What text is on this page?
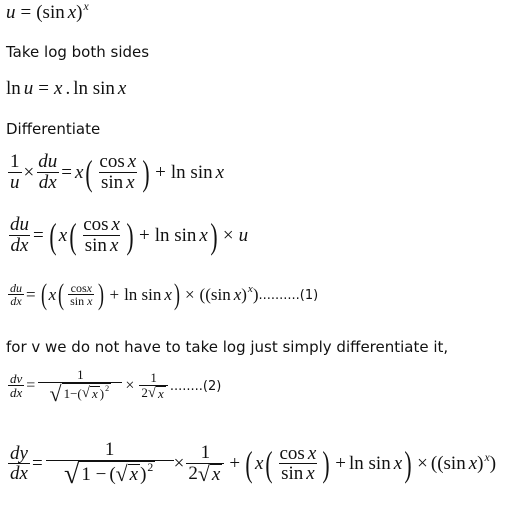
u = ( sin x ) x
Take log both sides
ln u = x . ln sin x
Differentiate
$\frac{1}{u} \times \frac{du}{dx} = x$ ( $\frac{\text{cos x}}{\text{sin x}}$ ) + ln sin x
$\frac{du}{dx}$ = ( x ( $\frac{\text{cos x}}{\text{sin x}}$ ) + ln sin x ) × u
$\frac{du}{dx}$ = ( x ( $\frac{\cos x}{\text{sin x}}$ ) + ln sin x ) × (( sin x ) x ) ..........(1)
for v we do not have to take log just simply differentiate it,
$\frac{dv}{dx}$ =
1
√ 1− ( √ x ) $2 \times \frac{1}{2 √ x} ........(2)$
$\frac{dy}{dx}$ =
1
√ 1 − ( √ x ) $2 \times \frac{1}{2 √ x}$ + ( x ( $\frac{\text{cos x}}{\text{sin x}}$ ) + ln sin x ) × (( sin x ) x )
